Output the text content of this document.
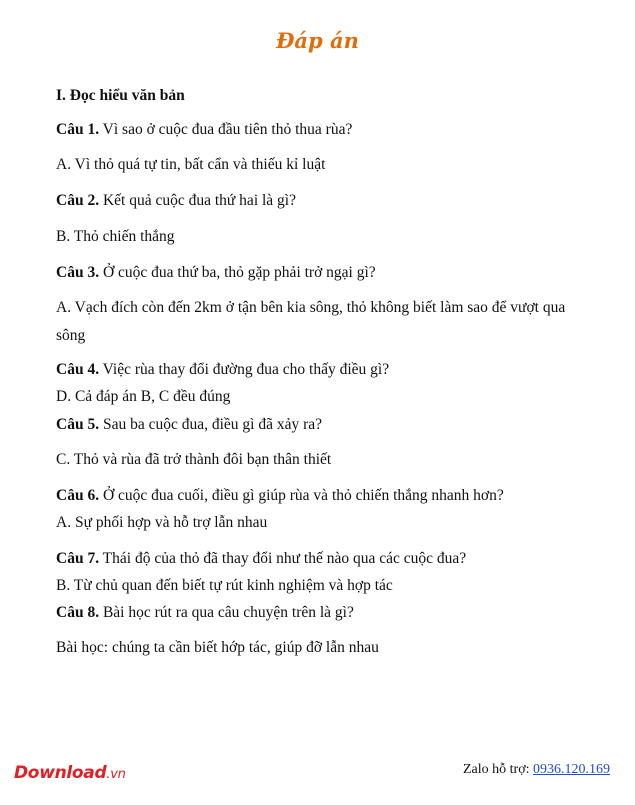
Đáp án
I. Đọc hiểu văn bản
Câu 1. Vì sao ở cuộc đua đầu tiên thỏ thua rùa?
A. Vì thỏ quá tự tin, bất cẩn và thiếu kỉ luật
Câu 2. Kết quả cuộc đua thứ hai là gì?
B. Thỏ chiến thắng
Câu 3. Ở cuộc đua thứ ba, thỏ gặp phải trở ngại gì?
A. Vạch đích còn đến 2km ở tận bên kia sông, thỏ không biết làm sao để vượt qua sông
Câu 4. Việc rùa thay đổi đường đua cho thấy điều gì?
D. Cả đáp án B, C đều đúng
Câu 5. Sau ba cuộc đua, điều gì đã xảy ra?
C. Thỏ và rùa đã trở thành đôi bạn thân thiết
Câu 6. Ở cuộc đua cuối, điều gì giúp rùa và thỏ chiến thắng nhanh hơn?
A. Sự phối hợp và hỗ trợ lẫn nhau
Câu 7. Thái độ của thỏ đã thay đổi như thế nào qua các cuộc đua?
B. Từ chủ quan đến biết tự rút kinh nghiệm và hợp tác
Câu 8. Bài học rút ra qua câu chuyện trên là gì?
Bài học: chúng ta cần biết hớp tác, giúp đỡ lẫn nhau
Download.vn	Zalo hỗ trợ: 0936.120.169
